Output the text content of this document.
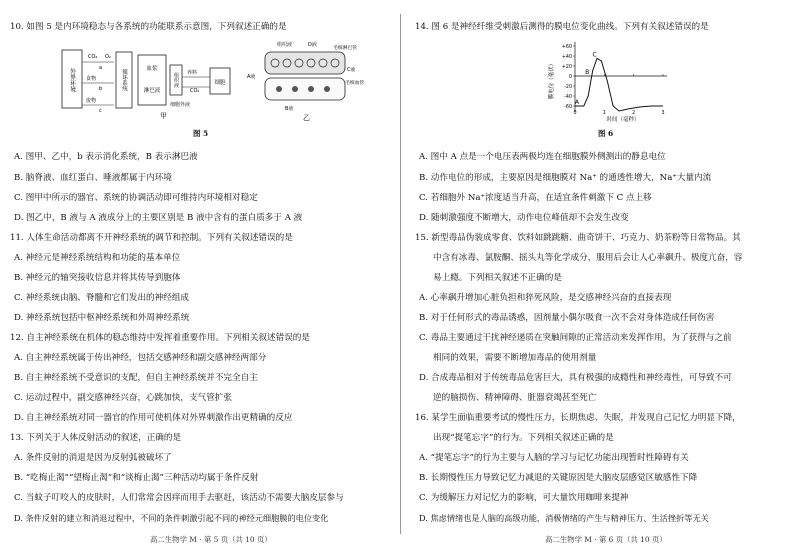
10. 如图 5 是内环境稳态与各系统的功能联系示意图，下列叙述正确的是
外界环境
CO₂ O₂
食物
废物
a
b
c
循环系统	血浆
淋巴液
组织液 养料
CO₂
细胞
细胞外液
甲
组织液	D液
毛细淋巴管
C液
毛细血管
A液
B液
乙
图 5
A. 图甲、乙中，b 表示消化系统，B 表示淋巴液
B. 脑脊液、血红蛋白、唾液都属于内环境
C. 图甲中所示的器官、系统的协调活动即可维持内环境相对稳定
D. 图乙中，B 液与 A 液成分上的主要区别是 B 液中含有的蛋白质多于 A 液
11. 人体生命活动都离不开神经系统的调节和控制。下列有关叙述错误的是
A. 神经元是神经系统结构和功能的基本单位
B. 神经元的轴突接收信息并将其传导到胞体
C. 神经系统由脑、脊髓和它们发出的神经组成
D. 神经系统包括中枢神经系统和外周神经系统
12. 自主神经系统在机体的稳态维持中发挥着重要作用。下列相关叙述错误的是
A. 自主神经系统属于传出神经，包括交感神经和副交感神经两部分
B. 自主神经系统不受意识的支配，但自主神经系统并不完全自主
C. 运动过程中，副交感神经兴奋，心跳加快，支气管扩张
D. 自主神经系统对同一器官的作用可使机体对外界刺激作出更精确的反应
13. 下列关于人体反射活动的叙述，正确的是
A. 条件反射的消退是因为反射弧被破坏了
B. “吃梅止渴”“望梅止渴”和“谈梅止渴”三种活动均属于条件反射
C. 当蚊子叮咬人的皮肤时，人们常常会因痒而用手去驱赶，该活动不需要大脑皮层参与
D. 条件反射的建立和消退过程中，不同的条件刺激引起不同的神经元细胞膜的电位变化
高二生物学 M · 第 5 页（共 10 页）
14. 图 6 是神经纤维受刺激后测得的膜电位变化曲线。下列有关叙述错误的是
-60
-40
-20
0
+20
+40
+60
0	1	2	3
A
B
C
膜电位（毫伏）
时间（毫秒）
图 6
A. 图中 A 点是一个电压表两极均连在细胞膜外侧测出的静息电位
B. 动作电位的形成，主要原因是细胞膜对 Na⁺ 的通透性增大，Na⁺大量内流
C. 若细胞外 Na⁺浓度适当升高，在适宜条件刺激下 C 点上移
D. 随刺激强度不断增大，动作电位峰值却不会发生改变
15. 新型毒品伪装成零食、饮料如跳跳糖、曲奇饼干、巧克力、奶茶粉等日常物品。其
中含有冰毒、氯胺酮、摇头丸等化学成分，服用后会让人心率飙升、极度亢奋，容
易上瘾。下列相关叙述不正确的是
A. 心率飙升增加心脏负担和猝死风险，是交感神经兴奋的直接表现
B. 对于任何形式的毒品诱惑，因剂量小偶尔吸食一次不会对身体造成任何伤害
C. 毒品主要通过干扰神经递质在突触间隙的正常活动来发挥作用，为了获得与之前
相同的效果，需要不断增加毒品的使用剂量
D. 合成毒品相对于传统毒品危害巨大，具有极强的成瘾性和神经毒性，可导致不可
逆的脑损伤、精神障碍、脏器衰竭甚至死亡
16. 某学生面临重要考试的慢性压力，长期焦虑、失眠，并发现自己记忆力明显下降，
出现“提笔忘字”的行为。下列相关叙述正确的是
A. “提笔忘字”的行为主要与人脑的学习与记忆功能出现暂时性障碍有关
B. 长期慢性压力导致记忆力减退的关键原因是大脑皮层感觉区敏感性下降
C. 为缓解压力对记忆力的影响，可大量饮用咖啡来提神
D. 焦虑情绪也是人脑的高级功能，消极情绪的产生与精神压力、生活挫折等无关
高二生物学 M · 第 6 页（共 10 页）
